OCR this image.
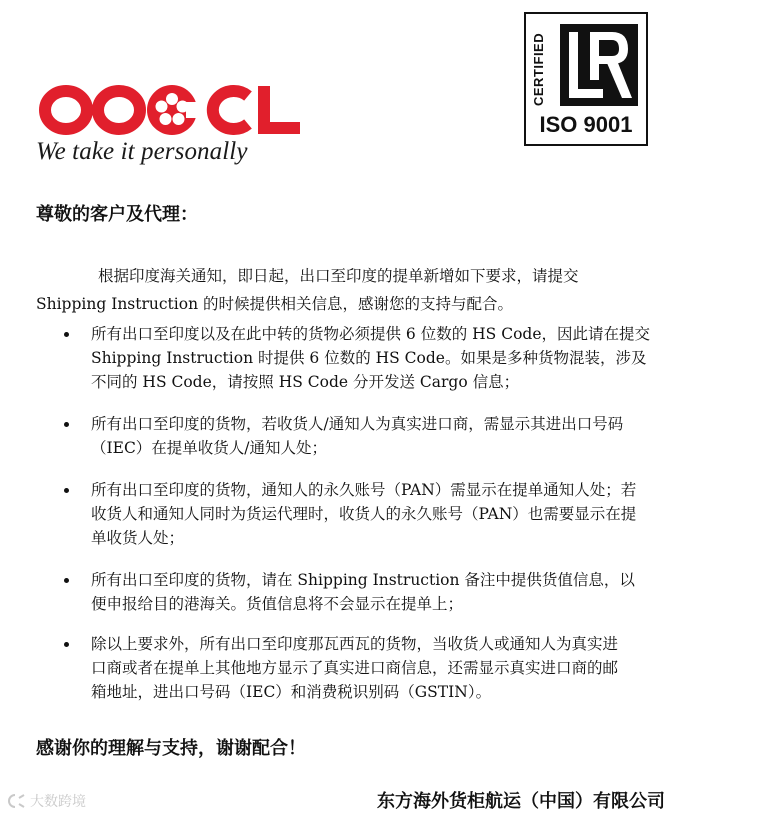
We take it personally
CERTIFIED
ISO 9001
尊敬的客户及代理：
根据印度海关通知，即日起，出口至印度的提单新增如下要求，请提交
Shipping Instruction 的时候提供相关信息，感谢您的支持与配合。
所有出口至印度以及在此中转的货物必须提供 6 位数的 HS Code，因此请在提交
Shipping Instruction 时提供 6 位数的 HS Code。如果是多种货物混装，涉及
不同的 HS Code，请按照 HS Code 分开发送 Cargo 信息；
所有出口至印度的货物，若收货人/通知人为真实进口商，需显示其进出口号码
（IEC）在提单收货人/通知人处；
所有出口至印度的货物，通知人的永久账号（PAN）需显示在提单通知人处；若
收货人和通知人同时为货运代理时，收货人的永久账号（PAN）也需要显示在提
单收货人处；
所有出口至印度的货物，请在 Shipping Instruction 备注中提供货值信息，以
便申报给目的港海关。货值信息将不会显示在提单上；
除以上要求外，所有出口至印度那瓦西瓦的货物，当收货人或通知人为真实进
口商或者在提单上其他地方显示了真实进口商信息，还需显示真实进口商的邮
箱地址，进出口号码（IEC）和消费税识别码（GSTIN）。
感谢你的理解与支持，谢谢配合！
大数跨境	东方海外货柜航运（中国）有限公司
